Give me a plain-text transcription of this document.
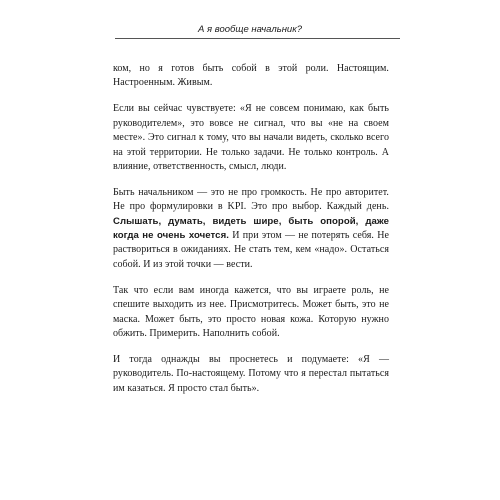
А я вообще начальник?

ком, но я готов быть собой в этой роли. Настоящим. Настроенным. Живым.

Если вы сейчас чувствуете: «Я не совсем понимаю, как быть руководителем», это вовсе не сигнал, что вы «не на своем месте». Это сигнал к тому, что вы начали видеть, сколько всего на этой территории. Не только задачи. Не только контроль. А влияние, ответственность, смысл, люди.

Быть начальником — это не про громкость. Не про авторитет. Не про формулировки в KPI. Это про выбор. Каждый день. Слышать, думать, видеть шире, быть опорой, даже когда не очень хочется. И при этом — не потерять себя. Не раствориться в ожиданиях. Не стать тем, кем «надо». Остаться собой. И из этой точки — вести.

Так что если вам иногда кажется, что вы играете роль, не спешите выходить из нее. Присмотритесь. Может быть, это не маска. Может быть, это просто новая кожа. Которую нужно обжить. Примерить. Наполнить собой.

И тогда однажды вы проснетесь и подумаете: «Я — руководитель. По-настоящему. Потому что я перестал пытаться им казаться. Я просто стал быть».
